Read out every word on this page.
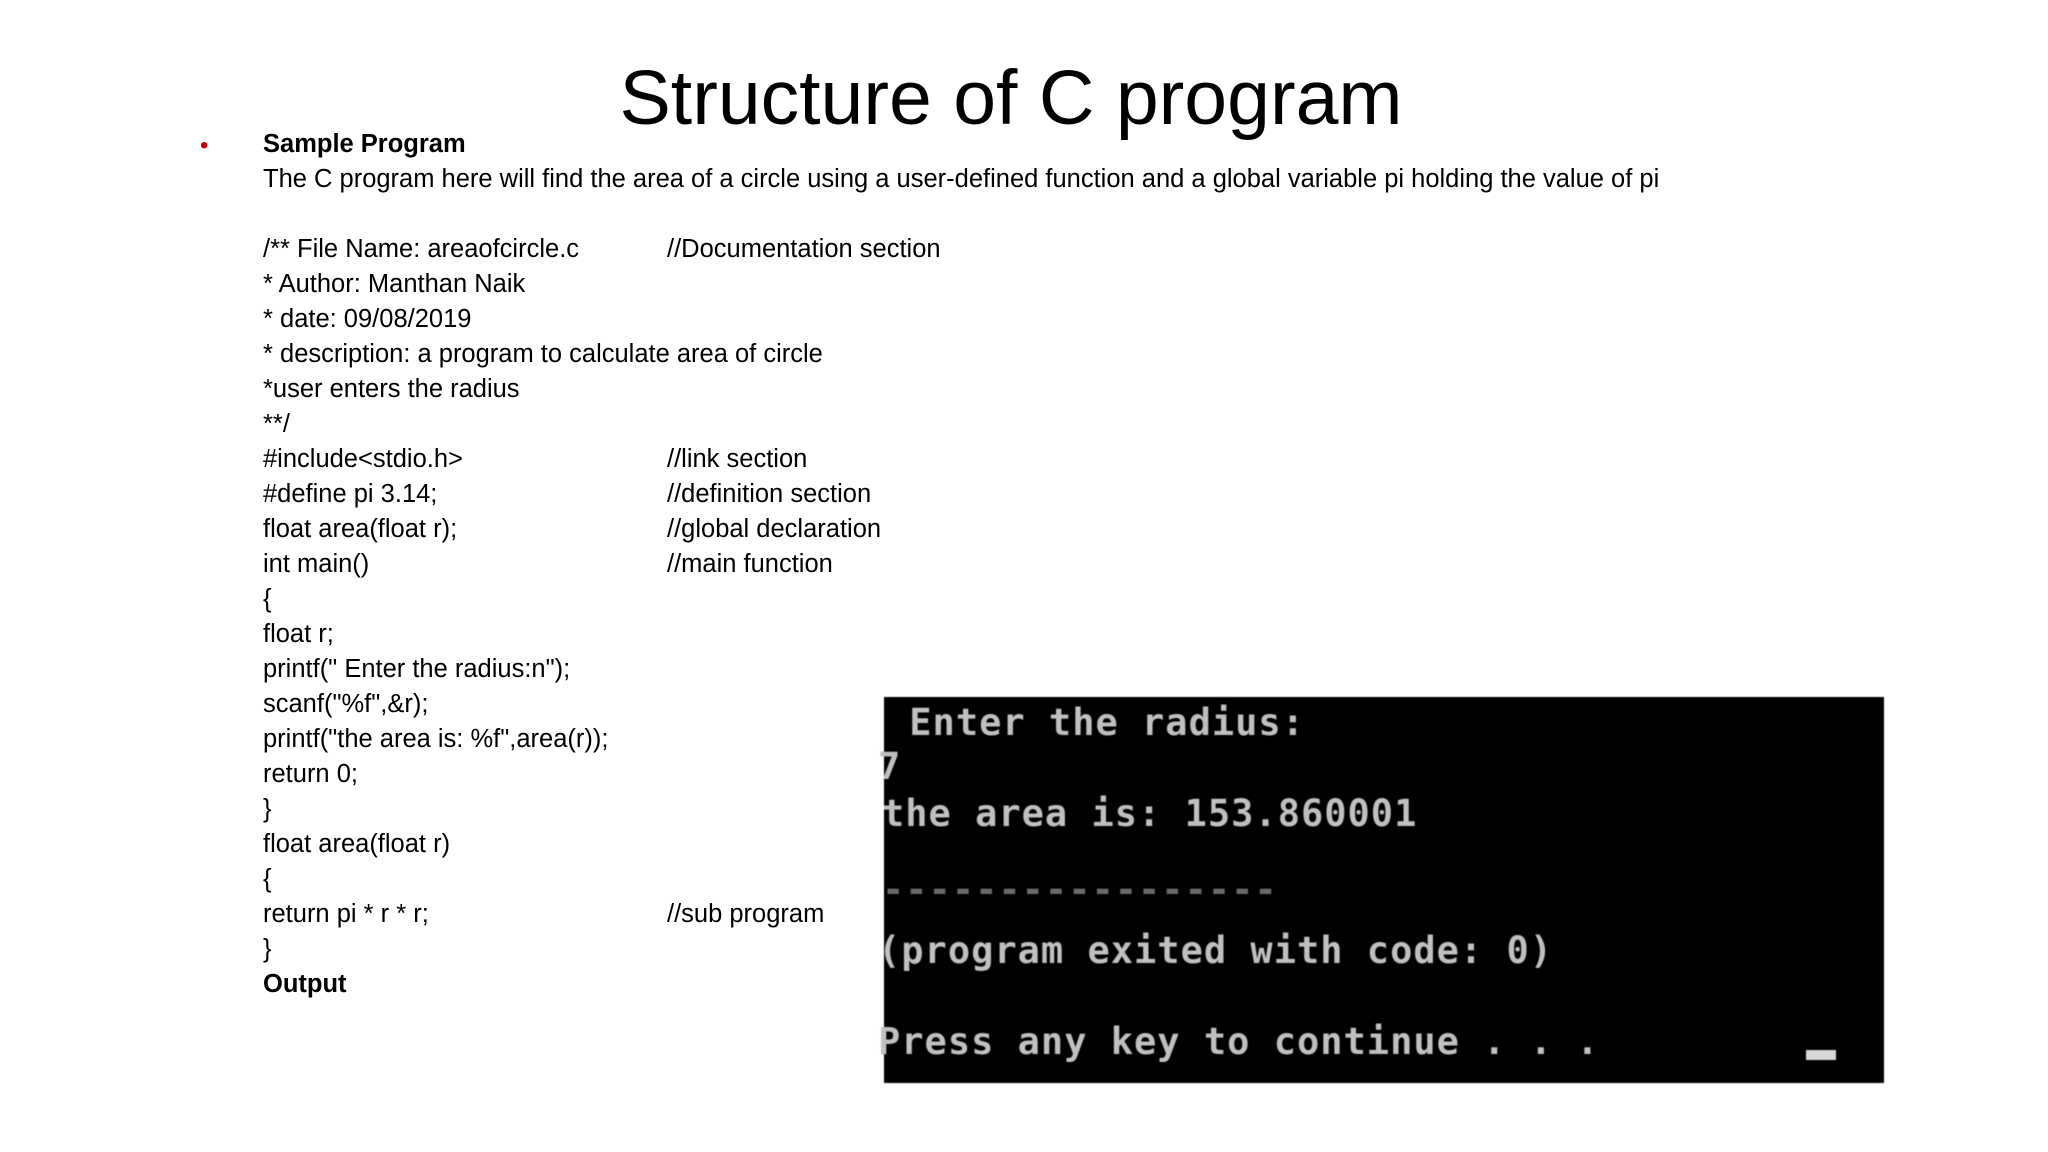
Structure of C program
• Sample Program
The C program here will find the area of a circle using a user-defined function and a global variable pi holding the value of pi
/** File Name: areaofcircle.c	//Documentation section
* Author: Manthan Naik
* date: 09/08/2019
* description: a program to calculate area of circle
*user enters the radius
**/
#include<stdio.h>	//link section
#define pi 3.14;	//definition section
float area(float r);	//global declaration
int main()	//main function
{
float r;
printf(" Enter the radius:n");
scanf("%f",&r);
printf("the area is: %f",area(r));
return 0;
}
float area(float r)
{
return pi * r * r;	//sub program
}
Output
Enter the radius:
7
the area is: 153.860001
-----------------
(program exited with code: 0)
Press any key to continue . . .
